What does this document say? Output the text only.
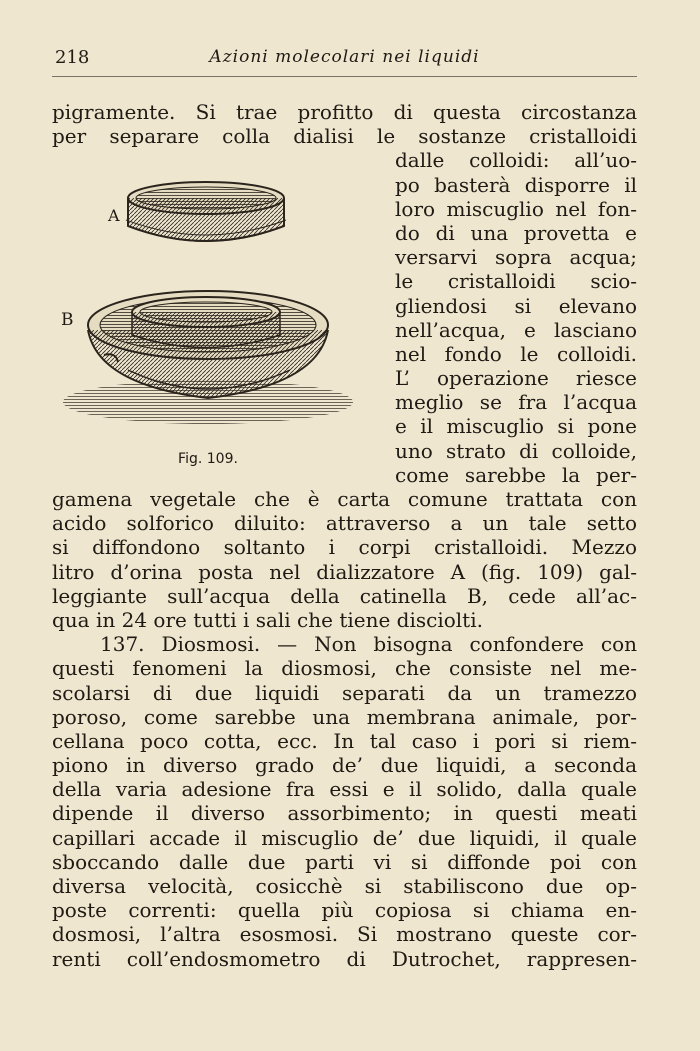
218	Azioni molecolari nei liquidi
A
B
Fig. 109.
pigramente. Si trae profitto di questa circostanza
per separare colla dialisi le sostanze cristalloidi
dalle colloidi: all’uo-
po basterà disporre il
loro miscuglio nel fon-
do di una provetta e
versarvi sopra acqua;
le cristalloidi scio-
gliendosi si elevano
nell’acqua, e lasciano
nel fondo le colloidi.
L’ operazione riesce
meglio se fra l’acqua
e il miscuglio si pone
uno strato di colloide,
come sarebbe la per-
gamena vegetale che è carta comune trattata con
acido solforico diluito: attraverso a un tale setto
si diffondono soltanto i corpi cristalloidi. Mezzo
litro d’orina posta nel dializzatore A (fig. 109) gal-
leggiante sull’acqua della catinella B, cede all’ac-
qua in 24 ore tutti i sali che tiene disciolti.
137. Diosmosi. — Non bisogna confondere con
questi fenomeni la diosmosi, che consiste nel me-
scolarsi di due liquidi separati da un tramezzo
poroso, come sarebbe una membrana animale, por-
cellana poco cotta, ecc. In tal caso i pori si riem-
piono in diverso grado de’ due liquidi, a seconda
della varia adesione fra essi e il solido, dalla quale
dipende il diverso assorbimento; in questi meati
capillari accade il miscuglio de’ due liquidi, il quale
sboccando dalle due parti vi si diffonde poi con
diversa velocità, cosicchè si stabiliscono due op-
poste correnti: quella più copiosa si chiama en-
dosmosi, l’altra esosmosi. Si mostrano queste cor-
renti coll’endosmometro di Dutrochet, rappresen-
